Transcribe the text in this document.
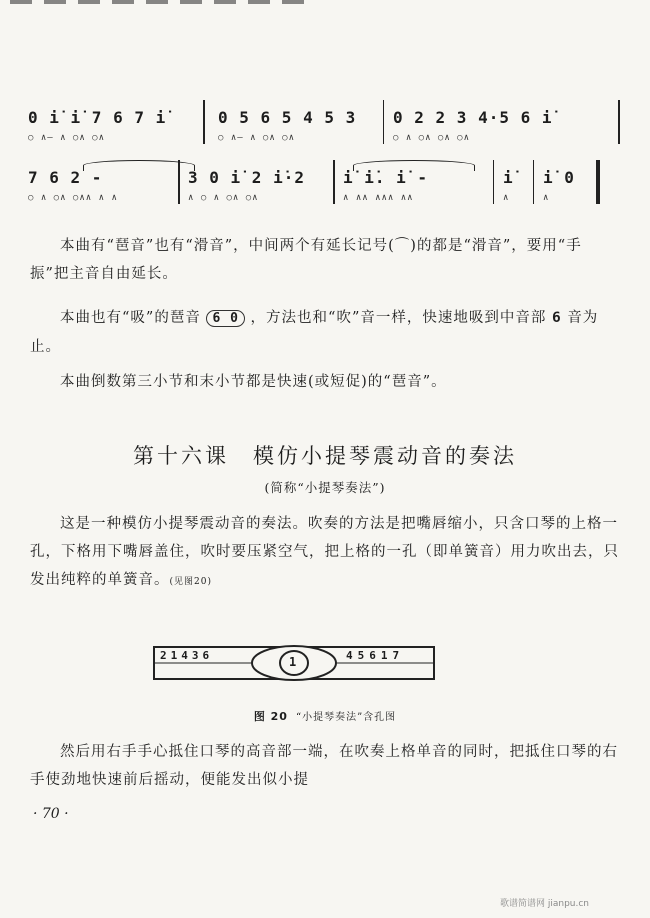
0 i̇ i̇ 7 6 7 i̇
○ ∧— ∧ ○∧ ○∧
0 5 6 5 4 5 3
○ ∧— ∧ ○∧ ○∧
0 2 2 3 4·5 6 i̇
○ ∧ ○∧ ○∧ ○∧
7 6 2 -
○ ∧ ○∧ ○∧∧ ∧ ∧
3 0 i̇ 2 i̇·2
∧ ○ ∧ ○∧ ○∧
i̇ i̇. i̇ -
∧ ∧∧ ∧∧∧ ∧∧
i̇
∧
i̇ 0
∧
本曲有“琶音”也有“滑音”，中间两个有延长记号(⌒)的都是“滑音”，要用“手振”把主音自由延长。
本曲也有“吸”的琶音 6 0 ，方法也和“吹”音一样，快速地吸到中音部 6 音为止。
本曲倒数第三小节和末小节都是快速(或短促)的“琶音”。
第十六课　模仿小提琴震动音的奏法
(简称“小提琴奏法”)
这是一种模仿小提琴震动音的奏法。吹奏的方法是把嘴唇缩小，只含口琴的上格一孔，下格用下嘴唇盖住，吹时要压紧空气，把上格的一孔（即单簧音）用力吹出去，只发出纯粹的单簧音。(见图20)
21436	45617
1
图 20 “小提琴奏法”含孔图
然后用右手手心抵住口琴的高音部一端，在吹奏上格单音的同时，把抵住口琴的右手使劲地快速前后摇动，便能发出似小提
· 70 ·
歌谱简谱网 jianpu.cn
